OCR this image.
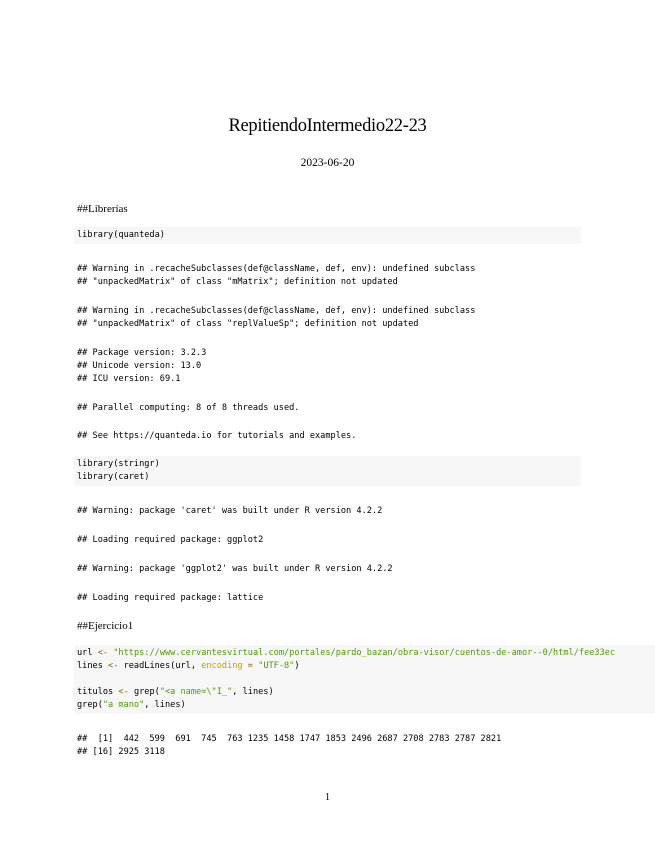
RepitiendoIntermedio22-23
2023-06-20
##Librerías
library(quanteda)
## Warning in .recacheSubclasses(def@className, def, env): undefined subclass
## "unpackedMatrix" of class "mMatrix"; definition not updated
## Warning in .recacheSubclasses(def@className, def, env): undefined subclass
## "unpackedMatrix" of class "replValueSp"; definition not updated
## Package version: 3.2.3
## Unicode version: 13.0
## ICU version: 69.1
## Parallel computing: 8 of 8 threads used.
## See https://quanteda.io for tutorials and examples.
library(stringr)
library(caret)
## Warning: package 'caret' was built under R version 4.2.2
## Loading required package: ggplot2
## Warning: package 'ggplot2' was built under R version 4.2.2
## Loading required package: lattice
##Ejercicio1
url <- "https://www.cervantesvirtual.com/portales/pardo_bazan/obra-visor/cuentos-de-amor--0/html/fee33ec
lines <- readLines(url, encoding = "UTF-8")

titulos <- grep("<a name=\"I_", lines)
grep("a mano", lines)
##  [1]  442  599  691  745  763 1235 1458 1747 1853 2496 2687 2708 2783 2787 2821
## [16] 2925 3118
1
